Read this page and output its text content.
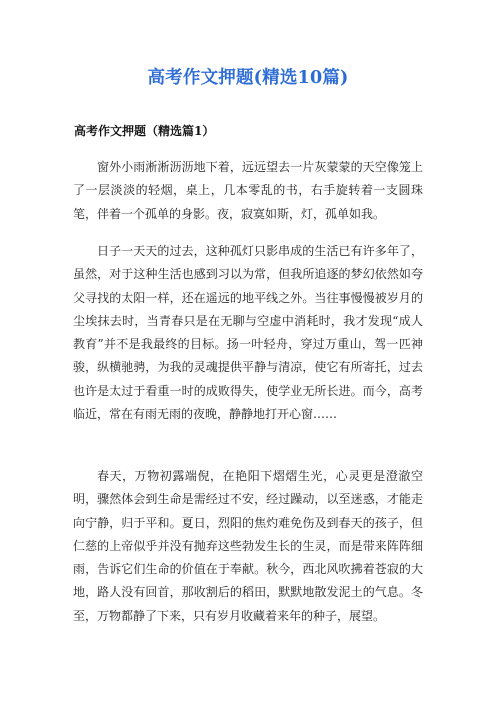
高考作文押题(精选10篇)
高考作文押题（精选篇1）

窗外小雨淅淅沥沥地下着，远远望去一片灰蒙蒙的天空像笼上了一层淡淡的轻烟，桌上，几本零乱的书，右手旋转着一支圆珠笔，伴着一个孤单的身影。夜，寂寞如斯，灯，孤单如我。

日子一天天的过去，这种孤灯只影串成的生活已有许多年了，虽然，对于这种生活也感到习以为常，但我所追逐的梦幻依然如夸父寻找的太阳一样，还在遥远的地平线之外。当往事慢慢被岁月的尘埃抹去时，当青春只是在无聊与空虚中消耗时，我才发现“成人教育”并不是我最终的目标。扬一叶轻舟，穿过万重山，驾一匹神骏，纵横驰骋，为我的灵魂提供平静与清凉，使它有所寄托，过去也许是太过于看重一时的成败得失，使学业无所长进。而今，高考临近，常在有雨无雨的夜晚，静静地打开心窗……

春天，万物初露端倪，在艳阳下熠熠生光，心灵更是澄澈空明，骤然体会到生命是需经过不安，经过躁动，以至迷惑，才能走向宁静，归于平和。夏日，烈阳的焦灼难免伤及到春天的孩子，但仁慈的上帝似乎并没有抛弃这些勃发生长的生灵，而是带来阵阵细雨，告诉它们生命的价值在于奉献。秋今，西北风吹拂着苍寂的大地，路人没有回首，那收割后的稻田，默默地散发泥土的气息。冬至，万物都静了下来，只有岁月收藏着来年的种子，展望。
